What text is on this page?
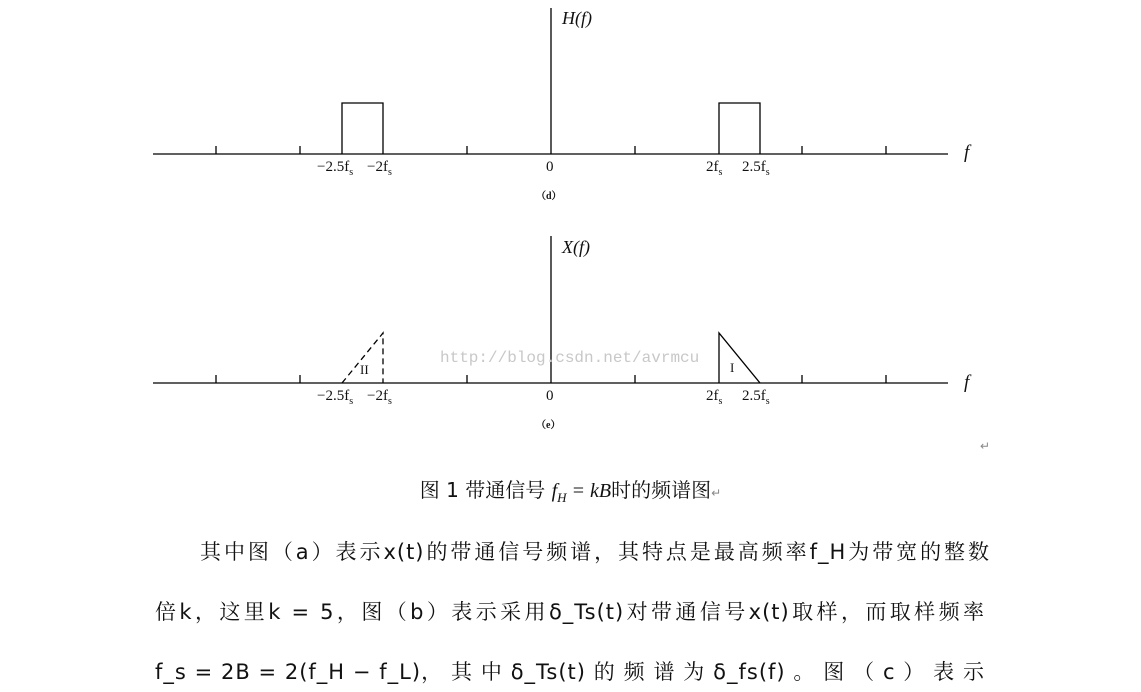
http://blog.csdn.net/avrmcu
H(f)
f
$-2.5f_s -2f_s$	0	$2f_s$ $2.5f_s$
（d）
X(f)
f
II	I
$-2.5f_s -2f_s$	0	$2f_s$ $2.5f_s$
（e）
↵
图 1 带通信号 $f_H$ = kB时的频谱图↵
其中图（a）表示x(t)的带通信号频谱，其特点是最高频率f_H为带宽的整数
倍k，这里k = 5，图（b）表示采用δ_Ts(t)对带通信号x(t)取样，而取样频率
f_s = 2B = 2(f_H − f_L)， 其 中 δ_Ts(t) 的 频 谱 为 δ_fs(f) 。 图 （ c ） 表 示
